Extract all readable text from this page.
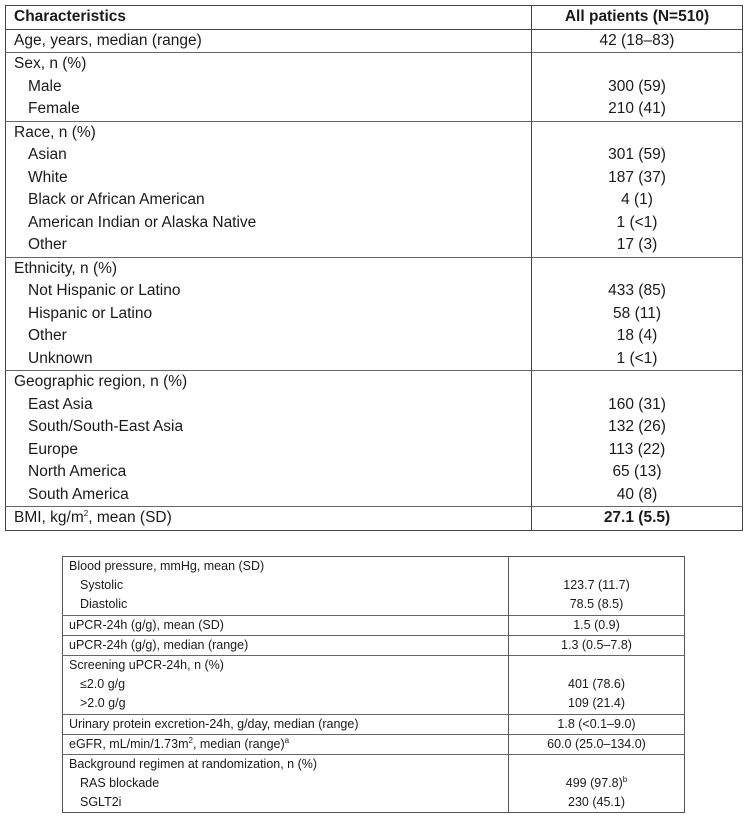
Characteristics	All patients (N=510)
Age, years, median (range)	42 (18–83)
Sex, n (%)	
Male	300 (59)
Female	210 (41)
Race, n (%)	
Asian	301 (59)
White	187 (37)
Black or African American	4 (1)
American Indian or Alaska Native	1 (<1)
Other	17 (3)
Ethnicity, n (%)	
Not Hispanic or Latino	433 (85)
Hispanic or Latino	58 (11)
Other	18 (4)
Unknown	1 (<1)
Geographic region, n (%)	
East Asia	160 (31)
South/South-East Asia	132 (26)
Europe	113 (22)
North America	65 (13)
South America	40 (8)
BMI, $kg/m^2$, mean (SD)	27.1 (5.5)
Blood pressure, mmHg, mean (SD)	
Systolic	123.7 (11.7)
Diastolic	78.5 (8.5)
uPCR-24h (g/g), mean (SD)	1.5 (0.9)
uPCR-24h (g/g), median (range)	1.3 (0.5–7.8)
Screening uPCR-24h, n (%)	
≤2.0 g/g	401 (78.6)
>2.0 g/g	109 (21.4)
Urinary protein excretion-24h, g/day, median (range)	1.8 (<0.1–9.0)
eGFR, $mL/\min/1.73m^2$, median (range)$^a$	60.0 (25.0–134.0)
Background regimen at randomization, n (%)	
RAS blockade	499 $(97.8)^b$
SGLT2i	230 (45.1)
